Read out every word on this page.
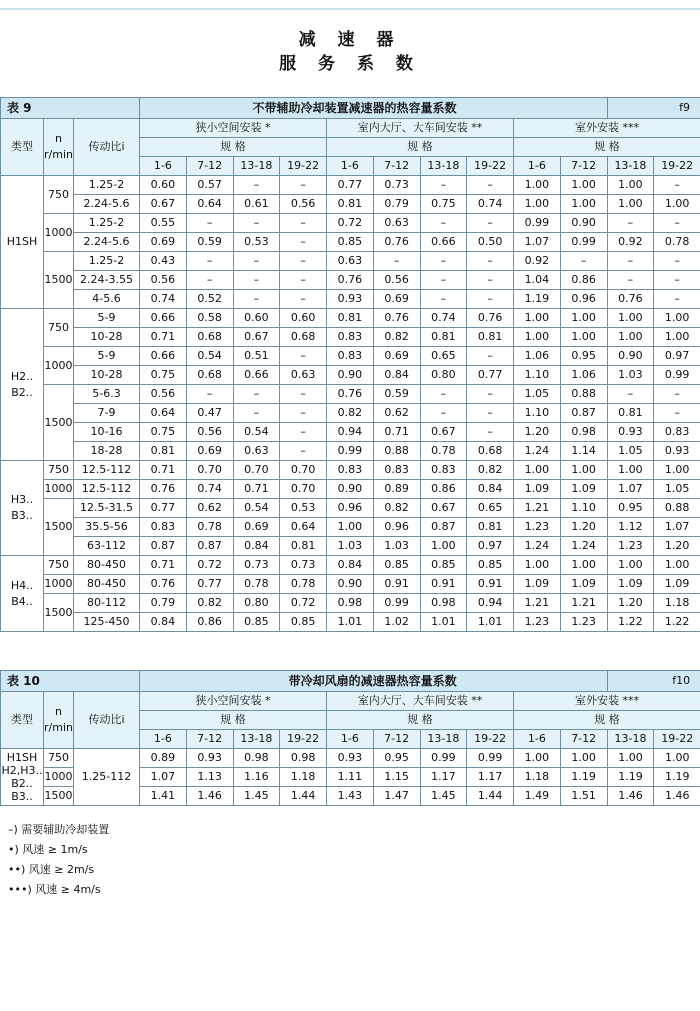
减 速 器
服 务 系 数
表 9			不带辅助冷却装置减速器的热容量系数										f9	
类型	n
r/min	传动比i	狭小空间安装 *				室内大厅、大车间安装 **				室外安装 ***			
			规 格				规 格				规 格			
			1-6	7-12	13-18	19-22	1-6	7-12	13-18	19-22	1-6	7-12	13-18	19-22

H1SH	750	1.25-2	0.60	0.57	–	–	0.77	0.73	–	–	1.00	1.00	1.00	–
		2.24-5.6	0.67	0.64	0.61	0.56	0.81	0.79	0.75	0.74	1.00	1.00	1.00	1.00
	1000	1.25-2	0.55	–	–	–	0.72	0.63	–	–	0.99	0.90	–	–
		2.24-5.6	0.69	0.59	0.53	–	0.85	0.76	0.66	0.50	1.07	0.99	0.92	0.78
	1500	1.25-2	0.43	–	–	–	0.63	–	–	–	0.92	–	–	–
		2.24-3.55	0.56	–	–	–	0.76	0.56	–	–	1.04	0.86	–	–
		4-5.6	0.74	0.52	–	–	0.93	0.69	–	–	1.19	0.96	0.76	–

H2..
B2..	750	5-9	0.66	0.58	0.60	0.60	0.81	0.76	0.74	0.76	1.00	1.00	1.00	1.00
		10-28	0.71	0.68	0.67	0.68	0.83	0.82	0.81	0.81	1.00	1.00	1.00	1.00
	1000	5-9	0.66	0.54	0.51	–	0.83	0.69	0.65	–	1.06	0.95	0.90	0.97
		10-28	0.75	0.68	0.66	0.63	0.90	0.84	0.80	0.77	1.10	1.06	1.03	0.99
	1500	5-6.3	0.56	–	–	–	0.76	0.59	–	–	1.05	0.88	–	–
		7-9	0.64	0.47	–	–	0.82	0.62	–	–	1.10	0.87	0.81	–
		10-16	0.75	0.56	0.54	–	0.94	0.71	0.67	–	1.20	0.98	0.93	0.83
		18-28	0.81	0.69	0.63	–	0.99	0.88	0.78	0.68	1.24	1.14	1.05	0.93

H3..
B3..	750	12.5-112	0.71	0.70	0.70	0.70	0.83	0.83	0.83	0.82	1.00	1.00	1.00	1.00
	1000	12.5-112	0.76	0.74	0.71	0.70	0.90	0.89	0.86	0.84	1.09	1.09	1.07	1.05
	1500	12.5-31.5	0.77	0.62	0.54	0.53	0.96	0.82	0.67	0.65	1.21	1.10	0.95	0.88
		35.5-56	0.83	0.78	0.69	0.64	1.00	0.96	0.87	0.81	1.23	1.20	1.12	1.07
		63-112	0.87	0.87	0.84	0.81	1.03	1.03	1.00	0.97	1.24	1.24	1.23	1.20

H4..
B4..	750	80-450	0.71	0.72	0.73	0.73	0.84	0.85	0.85	0.85	1.00	1.00	1.00	1.00
	1000	80-450	0.76	0.77	0.78	0.78	0.90	0.91	0.91	0.91	1.09	1.09	1.09	1.09
	1500	80-112	0.79	0.82	0.80	0.72	0.98	0.99	0.98	0.94	1.21	1.21	1.20	1.18
		125-450	0.84	0.86	0.85	0.85	1.01	1.02	1.01	1.01	1.23	1.23	1.22	1.22
表 10			带冷却风扇的减速器热容量系数										f10	
类型	n
r/min	传动比i	狭小空间安装 *				室内大厅、大车间安装 **				室外安装 ***			
			规 格				规 格				规 格			
			1-6	7-12	13-18	19-22	1-6	7-12	13-18	19-22	1-6	7-12	13-18	19-22

H1SH
H2,H3..
B2..
B3..	750	1.25-112	0.89	0.93	0.98	0.98	0.93	0.95	0.99	0.99	1.00	1.00	1.00	1.00
	1000		1.07	1.13	1.16	1.18	1.11	1.15	1.17	1.17	1.18	1.19	1.19	1.19
	1500		1.41	1.46	1.45	1.44	1.43	1.47	1.45	1.44	1.49	1.51	1.46	1.46
–) 需要辅助冷却装置
•) 风速 ≥ 1m/s
••) 风速 ≥ 2m/s
•••) 风速 ≥ 4m/s
